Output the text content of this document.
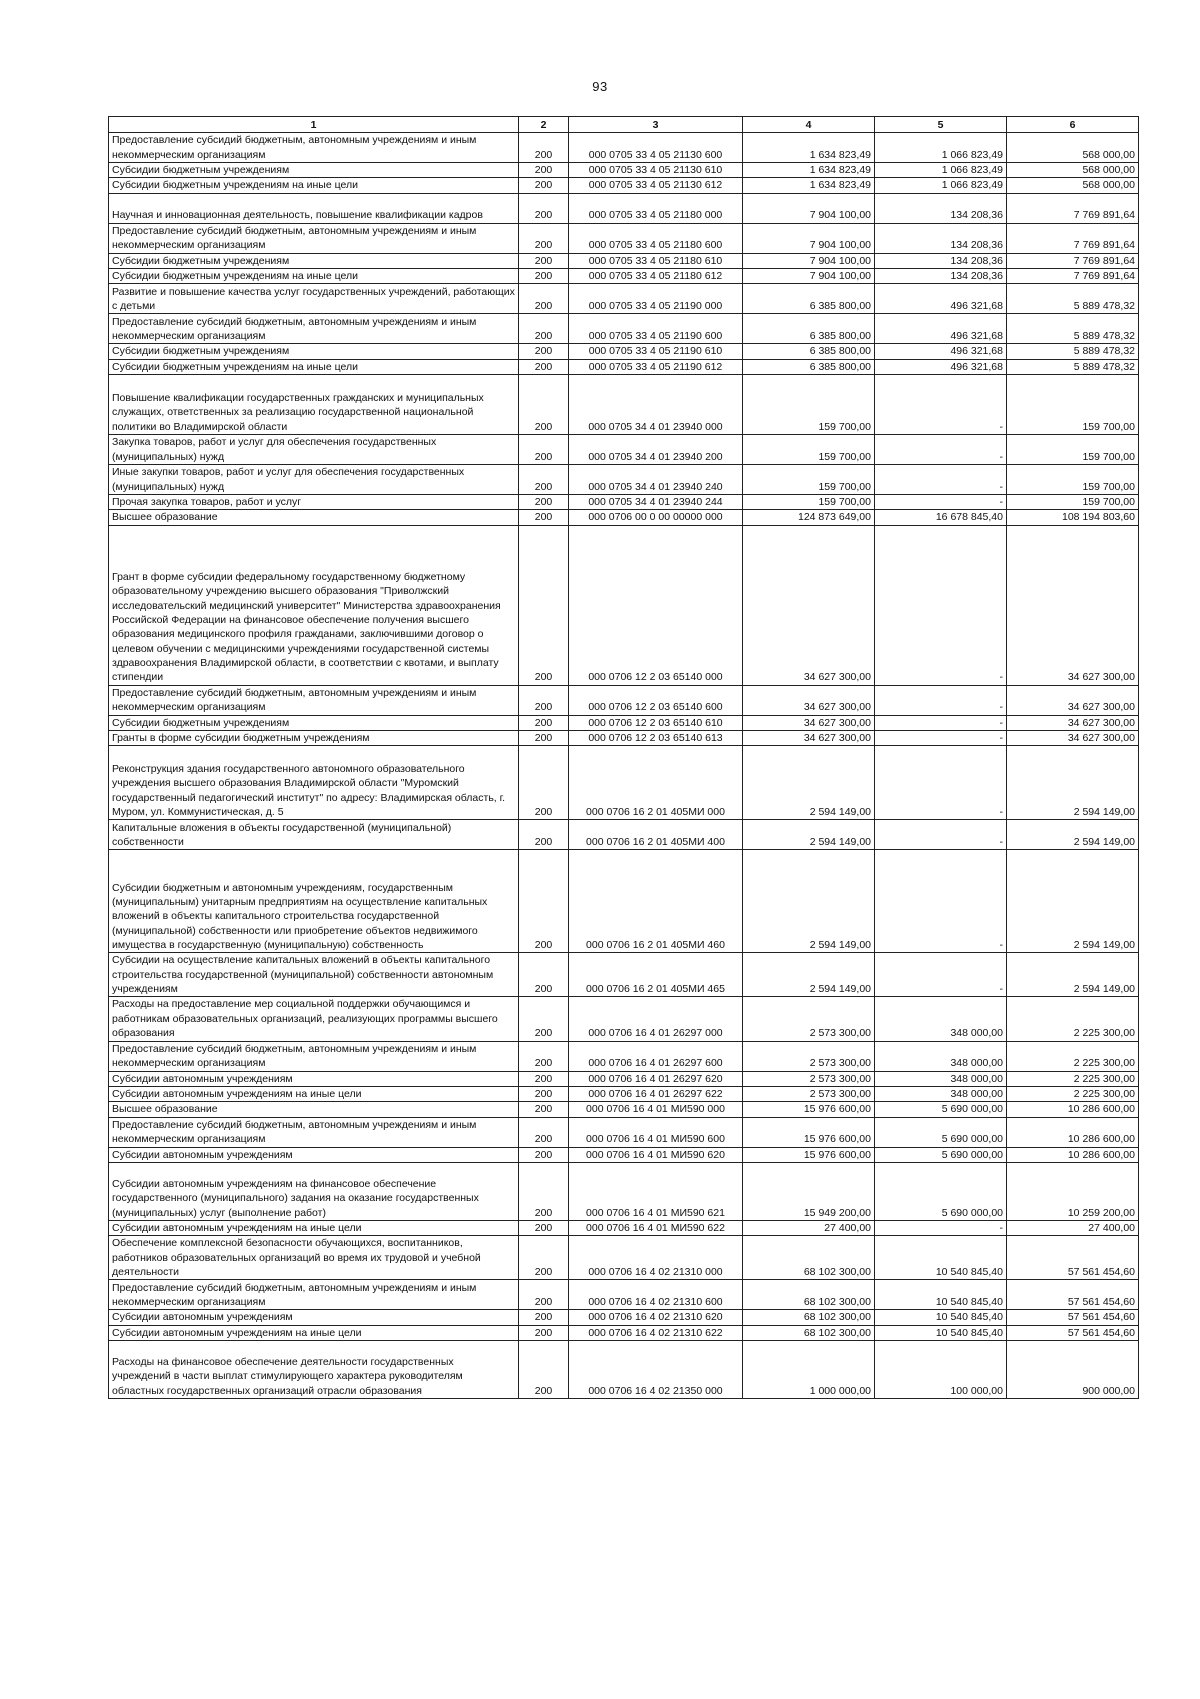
93
1	2	3	4	5	6
Предоставление субсидий бюджетным, автономным учреждениям и иным некоммерческим организациям	200	000 0705 33 4 05 21130 600	1 634 823,49	1 066 823,49	568 000,00
Субсидии бюджетным учреждениям	200	000 0705 33 4 05 21130 610	1 634 823,49	1 066 823,49	568 000,00
Субсидии бюджетным учреждениям на иные цели	200	000 0705 33 4 05 21130 612	1 634 823,49	1 066 823,49	568 000,00
Научная и инновационная деятельность, повышение квалификации кадров	200	000 0705 33 4 05 21180 000	7 904 100,00	134 208,36	7 769 891,64
Предоставление субсидий бюджетным, автономным учреждениям и иным некоммерческим организациям	200	000 0705 33 4 05 21180 600	7 904 100,00	134 208,36	7 769 891,64
Субсидии бюджетным учреждениям	200	000 0705 33 4 05 21180 610	7 904 100,00	134 208,36	7 769 891,64
Субсидии бюджетным учреждениям на иные цели	200	000 0705 33 4 05 21180 612	7 904 100,00	134 208,36	7 769 891,64
Развитие и повышение качества услуг государственных учреждений, работающих с детьми	200	000 0705 33 4 05 21190 000	6 385 800,00	496 321,68	5 889 478,32
Предоставление субсидий бюджетным, автономным учреждениям и иным некоммерческим организациям	200	000 0705 33 4 05 21190 600	6 385 800,00	496 321,68	5 889 478,32
Субсидии бюджетным учреждениям	200	000 0705 33 4 05 21190 610	6 385 800,00	496 321,68	5 889 478,32
Субсидии бюджетным учреждениям на иные цели	200	000 0705 33 4 05 21190 612	6 385 800,00	496 321,68	5 889 478,32
Повышение квалификации государственных гражданских и муниципальных служащих, ответственных за реализацию государственной национальной политики во Владимирской области	200	000 0705 34 4 01 23940 000	159 700,00	-	159 700,00
Закупка товаров, работ и услуг для обеспечения государственных (муниципальных) нужд	200	000 0705 34 4 01 23940 200	159 700,00	-	159 700,00
Иные закупки товаров, работ и услуг для обеспечения государственных (муниципальных) нужд	200	000 0705 34 4 01 23940 240	159 700,00	-	159 700,00
Прочая закупка товаров, работ и услуг	200	000 0705 34 4 01 23940 244	159 700,00	-	159 700,00
Высшее образование	200	000 0706 00 0 00 00000 000	124 873 649,00	16 678 845,40	108 194 803,60
Грант в форме субсидии федеральному государственному бюджетному образовательному учреждению высшего образования "Приволжский исследовательский медицинский университет" Министерства здравоохранения Российской Федерации на финансовое обеспечение получения высшего образования медицинского профиля гражданами, заключившими договор о целевом обучении с медицинскими учреждениями государственной системы здравоохранения Владимирской области, в соответствии с квотами, и выплату стипендии	200	000 0706 12 2 03 65140 000	34 627 300,00	-	34 627 300,00
Предоставление субсидий бюджетным, автономным учреждениям и иным некоммерческим организациям	200	000 0706 12 2 03 65140 600	34 627 300,00	-	34 627 300,00
Субсидии бюджетным учреждениям	200	000 0706 12 2 03 65140 610	34 627 300,00	-	34 627 300,00
Гранты в форме субсидии бюджетным учреждениям	200	000 0706 12 2 03 65140 613	34 627 300,00	-	34 627 300,00
Реконструкция здания государственного автономного образовательного учреждения высшего образования Владимирской области "Муромский государственный педагогический институт" по адресу: Владимирская область, г. Муром, ул. Коммунистическая, д. 5	200	000 0706 16 2 01 405МИ 000	2 594 149,00	-	2 594 149,00
Капитальные вложения в объекты государственной (муниципальной) собственности	200	000 0706 16 2 01 405МИ 400	2 594 149,00	-	2 594 149,00
Субсидии бюджетным и автономным учреждениям, государственным (муниципальным) унитарным предприятиям на осуществление капитальных вложений в объекты капитального строительства государственной (муниципальной) собственности или приобретение объектов недвижимого имущества в государственную (муниципальную) собственность	200	000 0706 16 2 01 405МИ 460	2 594 149,00	-	2 594 149,00
Субсидии на осуществление капитальных вложений в объекты капитального строительства государственной (муниципальной) собственности автономным учреждениям	200	000 0706 16 2 01 405МИ 465	2 594 149,00	-	2 594 149,00
Расходы на предоставление мер социальной поддержки обучающимся и работникам образовательных организаций, реализующих программы высшего образования	200	000 0706 16 4 01 26297 000	2 573 300,00	348 000,00	2 225 300,00
Предоставление субсидий бюджетным, автономным учреждениям и иным некоммерческим организациям	200	000 0706 16 4 01 26297 600	2 573 300,00	348 000,00	2 225 300,00
Субсидии автономным учреждениям	200	000 0706 16 4 01 26297 620	2 573 300,00	348 000,00	2 225 300,00
Субсидии автономным учреждениям на иные цели	200	000 0706 16 4 01 26297 622	2 573 300,00	348 000,00	2 225 300,00
Высшее образование	200	000 0706 16 4 01 МИ590 000	15 976 600,00	5 690 000,00	10 286 600,00
Предоставление субсидий бюджетным, автономным учреждениям и иным некоммерческим организациям	200	000 0706 16 4 01 МИ590 600	15 976 600,00	5 690 000,00	10 286 600,00
Субсидии автономным учреждениям	200	000 0706 16 4 01 МИ590 620	15 976 600,00	5 690 000,00	10 286 600,00
Субсидии автономным учреждениям на финансовое обеспечение государственного (муниципального) задания на оказание государственных (муниципальных) услуг (выполнение работ)	200	000 0706 16 4 01 МИ590 621	15 949 200,00	5 690 000,00	10 259 200,00
Субсидии автономным учреждениям на иные цели	200	000 0706 16 4 01 МИ590 622	27 400,00	-	27 400,00
Обеспечение комплексной безопасности обучающихся, воспитанников, работников образовательных организаций во время их трудовой и учебной деятельности	200	000 0706 16 4 02 21310 000	68 102 300,00	10 540 845,40	57 561 454,60
Предоставление субсидий бюджетным, автономным учреждениям и иным некоммерческим организациям	200	000 0706 16 4 02 21310 600	68 102 300,00	10 540 845,40	57 561 454,60
Субсидии автономным учреждениям	200	000 0706 16 4 02 21310 620	68 102 300,00	10 540 845,40	57 561 454,60
Субсидии автономным учреждениям на иные цели	200	000 0706 16 4 02 21310 622	68 102 300,00	10 540 845,40	57 561 454,60
Расходы на финансовое обеспечение деятельности государственных учреждений в части выплат стимулирующего характера руководителям областных государственных организаций отрасли образования	200	000 0706 16 4 02 21350 000	1 000 000,00	100 000,00	900 000,00
